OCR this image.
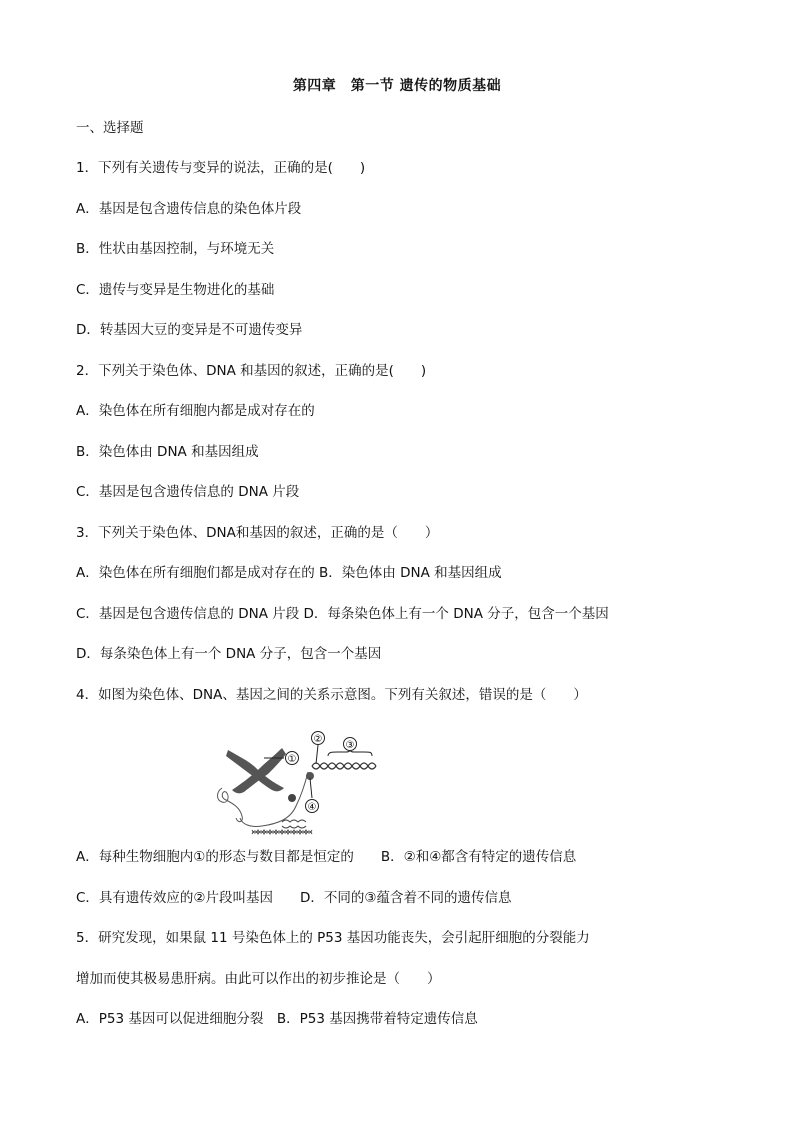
第四章　第一节 遗传的物质基础
一、选择题
1．下列有关遗传与变异的说法，正确的是(　　)
A．基因是包含遗传信息的染色体片段
B．性状由基因控制，与环境无关
C．遗传与变异是生物进化的基础
D．转基因大豆的变异是不可遗传变异
2．下列关于染色体、DNA 和基因的叙述，正确的是(　　)
A．染色体在所有细胞内都是成对存在的
B．染色体由 DNA 和基因组成
C．基因是包含遗传信息的 DNA 片段
3．下列关于染色体、DNA和基因的叙述，正确的是（　　）
A．染色体在所有细胞们都是成对存在的 B．染色体由 DNA 和基因组成
C．基因是包含遗传信息的 DNA 片段 D．每条染色体上有一个 DNA 分子，包含一个基因
D．每条染色体上有一个 DNA 分子，包含一个基因
4．如图为染色体、DNA、基因之间的关系示意图。下列有关叙述，错误的是（　　）
①
②
③
④
A．每种生物细胞内①的形态与数目都是恒定的　　B．②和④都含有特定的遗传信息
C．具有遗传效应的②片段叫基因　　D．不同的③蕴含着不同的遗传信息
5．研究发现，如果鼠 11 号染色体上的 P53 基因功能丧失，会引起肝细胞的分裂能力
增加而使其极易患肝病。由此可以作出的初步推论是（　　）
A．P53 基因可以促进细胞分裂　B．P53 基因携带着特定遗传信息
